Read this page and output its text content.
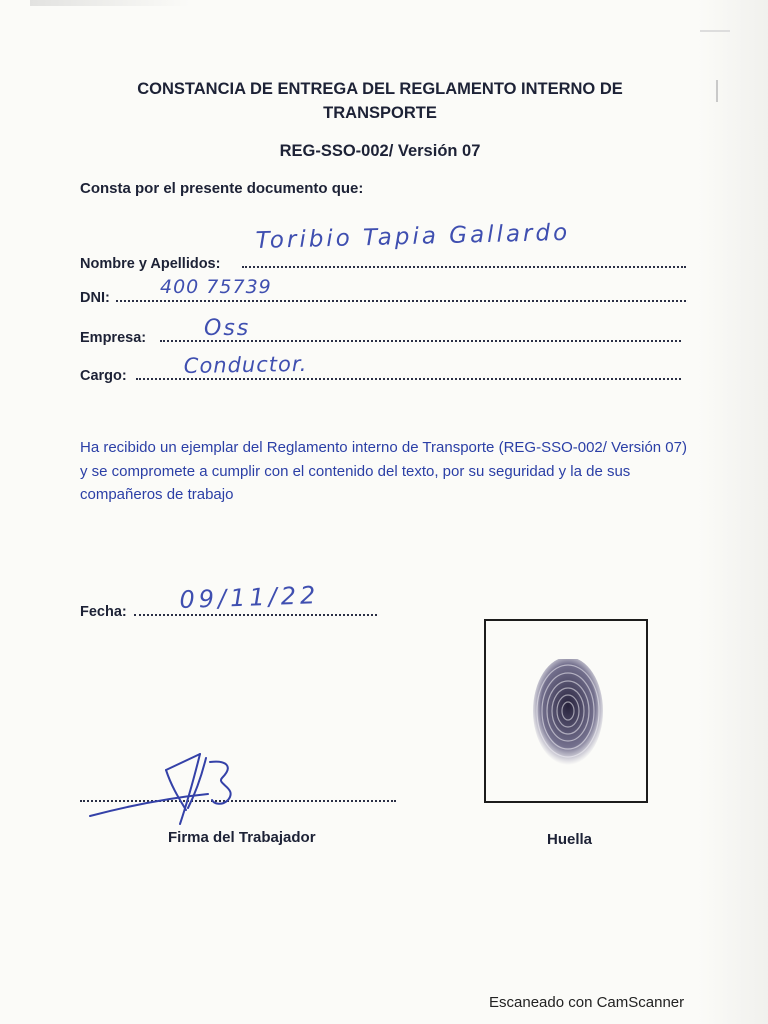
CONSTANCIA DE ENTREGA DEL REGLAMENTO INTERNO DE
TRANSPORTE
REG-SSO-002/ Versión 07
Consta por el presente documento que:
Nombre y Apellidos:
Toribio Tapia Gallardo
DNI:	400 75739
Empresa:	Oss
Cargo:	Conductor.
Ha recibido un ejemplar del Reglamento interno de Transporte (REG-SSO-002/ Versión 07) y se compromete a cumplir con el contenido del texto, por su seguridad y la de sus compañeros de trabajo
Fecha: 09/11/22
Firma del Trabajador	Huella
Escaneado con CamScanner
